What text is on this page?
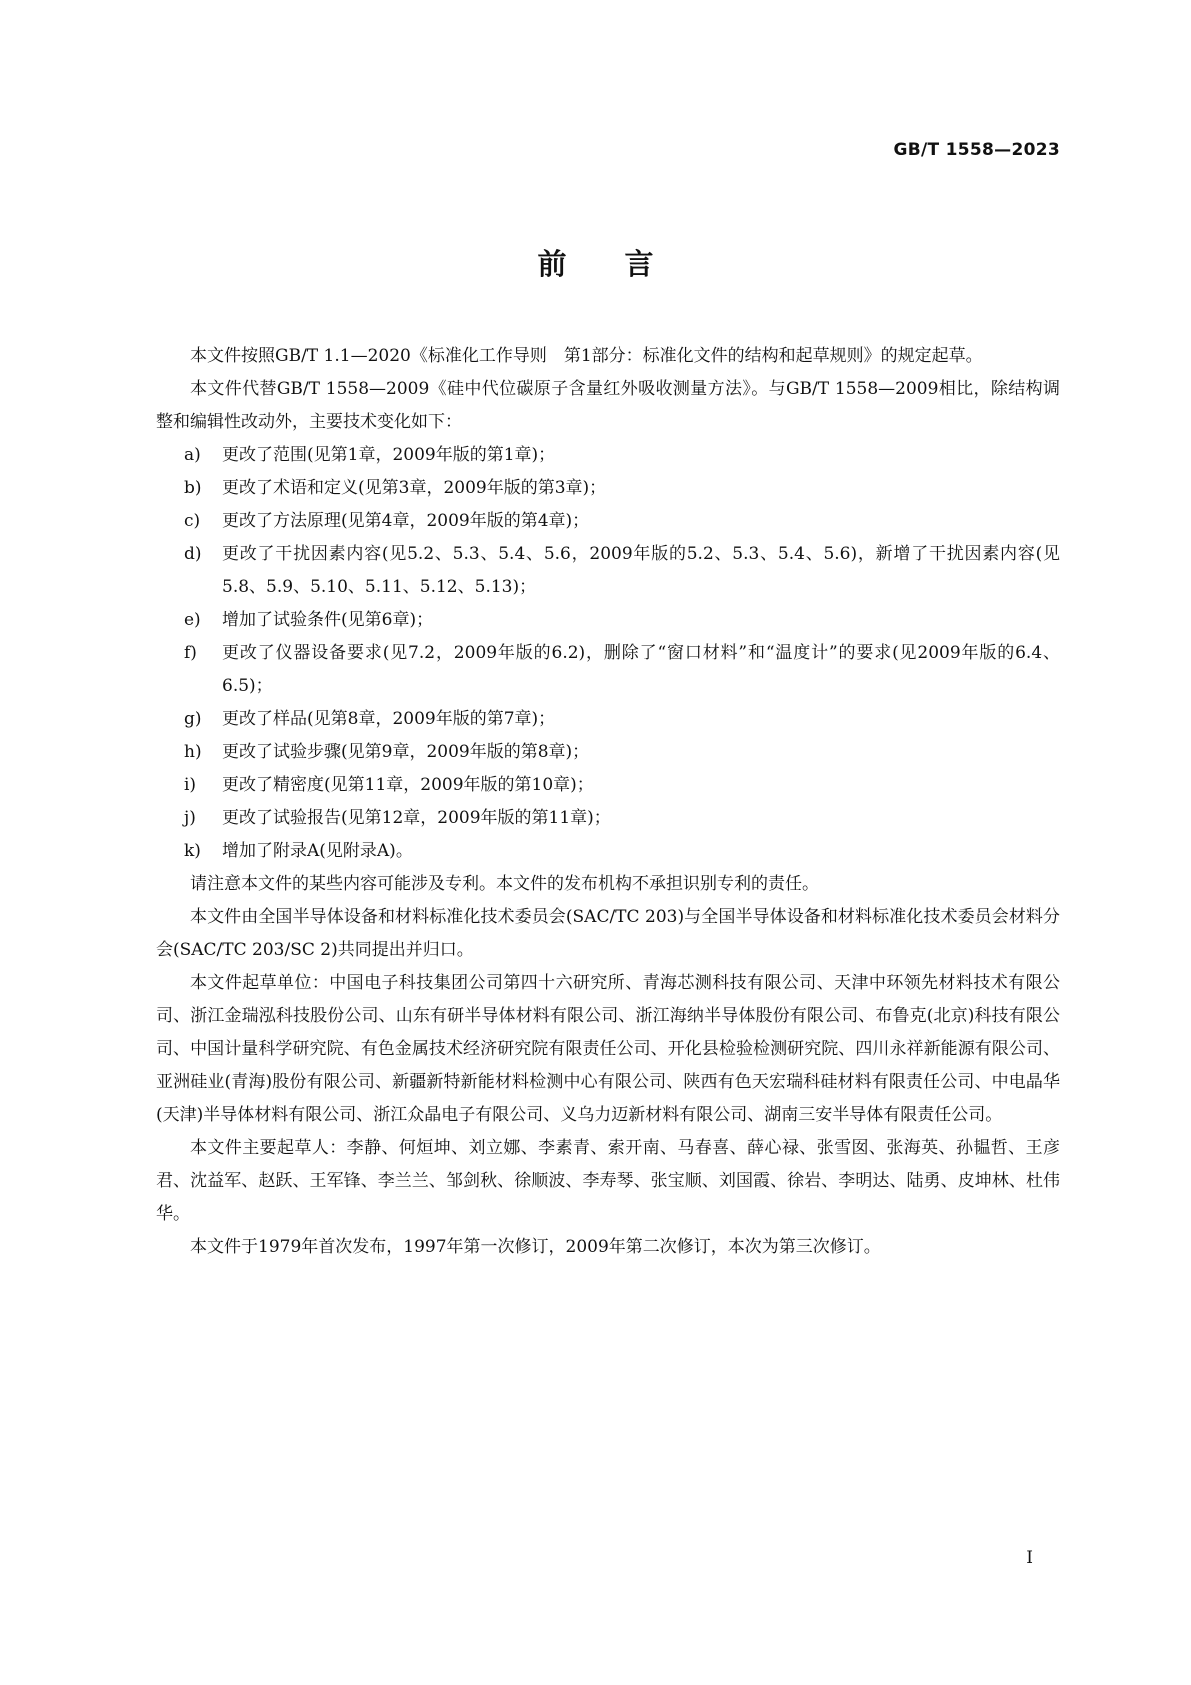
GB/T 1558—2023
前言

本文件按照GB/T 1.1—2020《标准化工作导则　第1部分：标准化文件的结构和起草规则》的规定起草。

本文件代替GB/T 1558—2009《硅中代位碳原子含量红外吸收测量方法》。与GB/T 1558—2009相比，除结构调整和编辑性改动外，主要技术变化如下：

a) 更改了范围(见第1章，2009年版的第1章)；
b) 更改了术语和定义(见第3章，2009年版的第3章)；
c) 更改了方法原理(见第4章，2009年版的第4章)；
d) 更改了干扰因素内容(见5.2、5.3、5.4、5.6，2009年版的5.2、5.3、5.4、5.6)，新增了干扰因素内容(见5.8、5.9、5.10、5.11、5.12、5.13)；
e) 增加了试验条件(见第6章)；
f) 更改了仪器设备要求(见7.2，2009年版的6.2)，删除了“窗口材料”和“温度计”的要求(见2009年版的6.4、6.5)；
g) 更改了样品(见第8章，2009年版的第7章)；
h) 更改了试验步骤(见第9章，2009年版的第8章)；
i) 更改了精密度(见第11章，2009年版的第10章)；
j) 更改了试验报告(见第12章，2009年版的第11章)；
k) 增加了附录A(见附录A)。

请注意本文件的某些内容可能涉及专利。本文件的发布机构不承担识别专利的责任。

本文件由全国半导体设备和材料标准化技术委员会(SAC/TC 203)与全国半导体设备和材料标准化技术委员会材料分会(SAC/TC 203/SC 2)共同提出并归口。

本文件起草单位：中国电子科技集团公司第四十六研究所、青海芯测科技有限公司、天津中环领先材料技术有限公司、浙江金瑞泓科技股份公司、山东有研半导体材料有限公司、浙江海纳半导体股份有限公司、布鲁克(北京)科技有限公司、中国计量科学研究院、有色金属技术经济研究院有限责任公司、开化县检验检测研究院、四川永祥新能源有限公司、亚洲硅业(青海)股份有限公司、新疆新特新能材料检测中心有限公司、陕西有色天宏瑞科硅材料有限责任公司、中电晶华(天津)半导体材料有限公司、浙江众晶电子有限公司、义乌力迈新材料有限公司、湖南三安半导体有限责任公司。

本文件主要起草人：李静、何烜坤、刘立娜、李素青、索开南、马春喜、薛心禄、张雪囡、张海英、孙韫哲、王彦君、沈益军、赵跃、王军锋、李兰兰、邹剑秋、徐顺波、李寿琴、张宝顺、刘国霞、徐岩、李明达、陆勇、皮坤林、杜伟华。

本文件于1979年首次发布，1997年第一次修订，2009年第二次修订，本次为第三次修订。

I
